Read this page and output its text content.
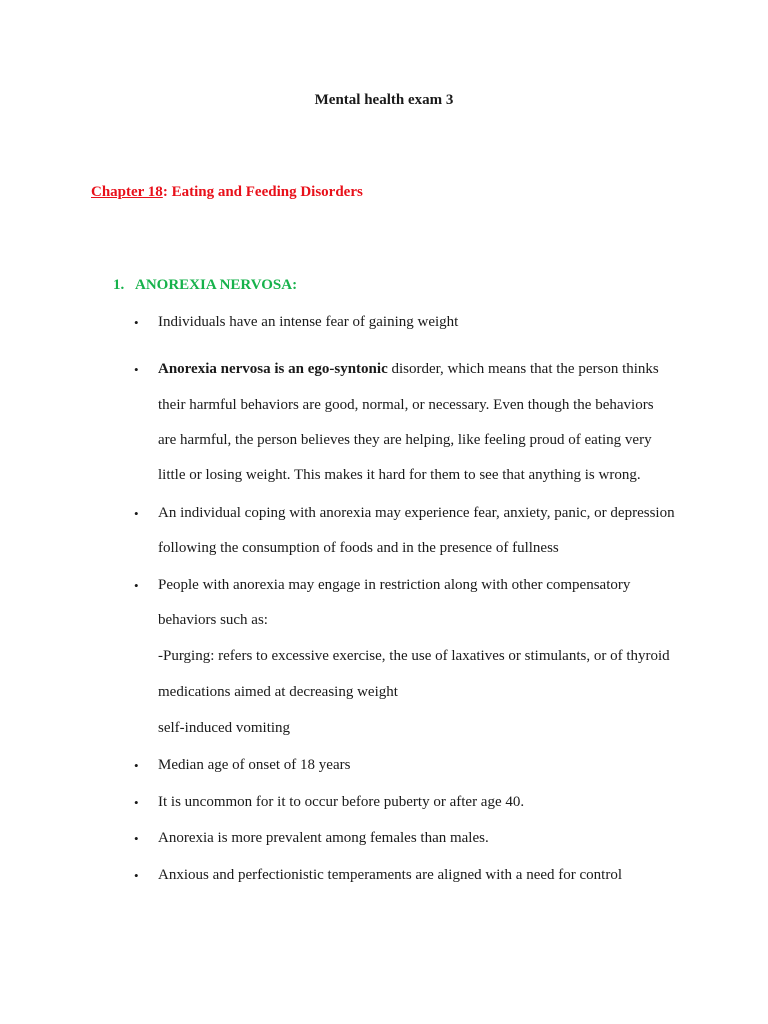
Mental health exam 3
Chapter 18: Eating and Feeding Disorders
1. ANOREXIA NERVOSA:
• Individuals have an intense fear of gaining weight
• Anorexia nervosa is an ego-syntonic disorder, which means that the person thinks
their harmful behaviors are good, normal, or necessary. Even though the behaviors
are harmful, the person believes they are helping, like feeling proud of eating very
little or losing weight. This makes it hard for them to see that anything is wrong.
• An individual coping with anorexia may experience fear, anxiety, panic, or depression
following the consumption of foods and in the presence of fullness
• People with anorexia may engage in restriction along with other compensatory
behaviors such as:
-Purging: refers to excessive exercise, the use of laxatives or stimulants, or of thyroid
medications aimed at decreasing weight
self-induced vomiting
• Median age of onset of 18 years
• It is uncommon for it to occur before puberty or after age 40.
• Anorexia is more prevalent among females than males.
• Anxious and perfectionistic temperaments are aligned with a need for control
